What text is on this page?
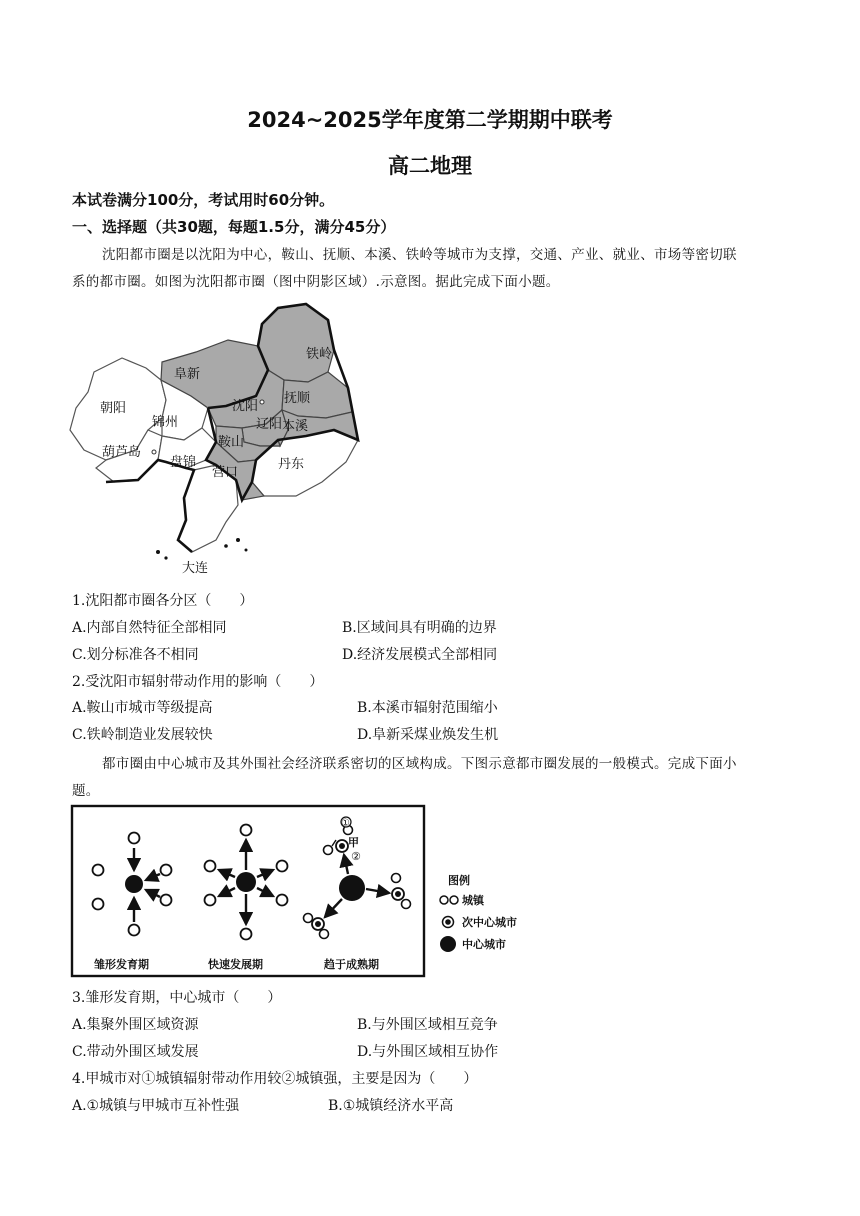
2024~2025学年度第二学期期中联考
高二地理
本试卷满分100分，考试用时60分钟。
一、选择题（共30题，每题1.5分，满分45分）
沈阳都市圈是以沈阳为中心，鞍山、抚顺、本溪、铁岭等城市为支撑，交通、产业、就业、市场等密切联
系的都市圈。如图为沈阳都市圈（图中阴影区域）.示意图。据此完成下面小题。
铁岭
阜新
抚顺
朝阳	沈阳
锦州	辽阳 本溪
鞍山
葫芦岛
盘锦
营口
丹东
大连
1.沈阳都市圈各分区（　　）
A.内部自然特征全部相同	B.区域间具有明确的边界
C.划分标准各不相同	D.经济发展模式全部相同
2.受沈阳市辐射带动作用的影响（　　）
A.鞍山市城市等级提高	B.本溪市辐射范围缩小
C.铁岭制造业发展较快	D.阜新采煤业焕发生机
都市圈由中心城市及其外围社会经济联系密切的区域构成。下图示意都市圈发展的一般模式。完成下面小
题。
①
甲
②
雏形发育期	快速发展期	趋于成熟期
图例
城镇
次中心城市
中心城市
3.雏形发育期，中心城市（　　）
A.集聚外围区域资源	B.与外围区域相互竞争
C.带动外围区域发展	D.与外围区域相互协作
4.甲城市对①城镇辐射带动作用较②城镇强，主要是因为（　　）
A.①城镇与甲城市互补性强	B.①城镇经济水平高
